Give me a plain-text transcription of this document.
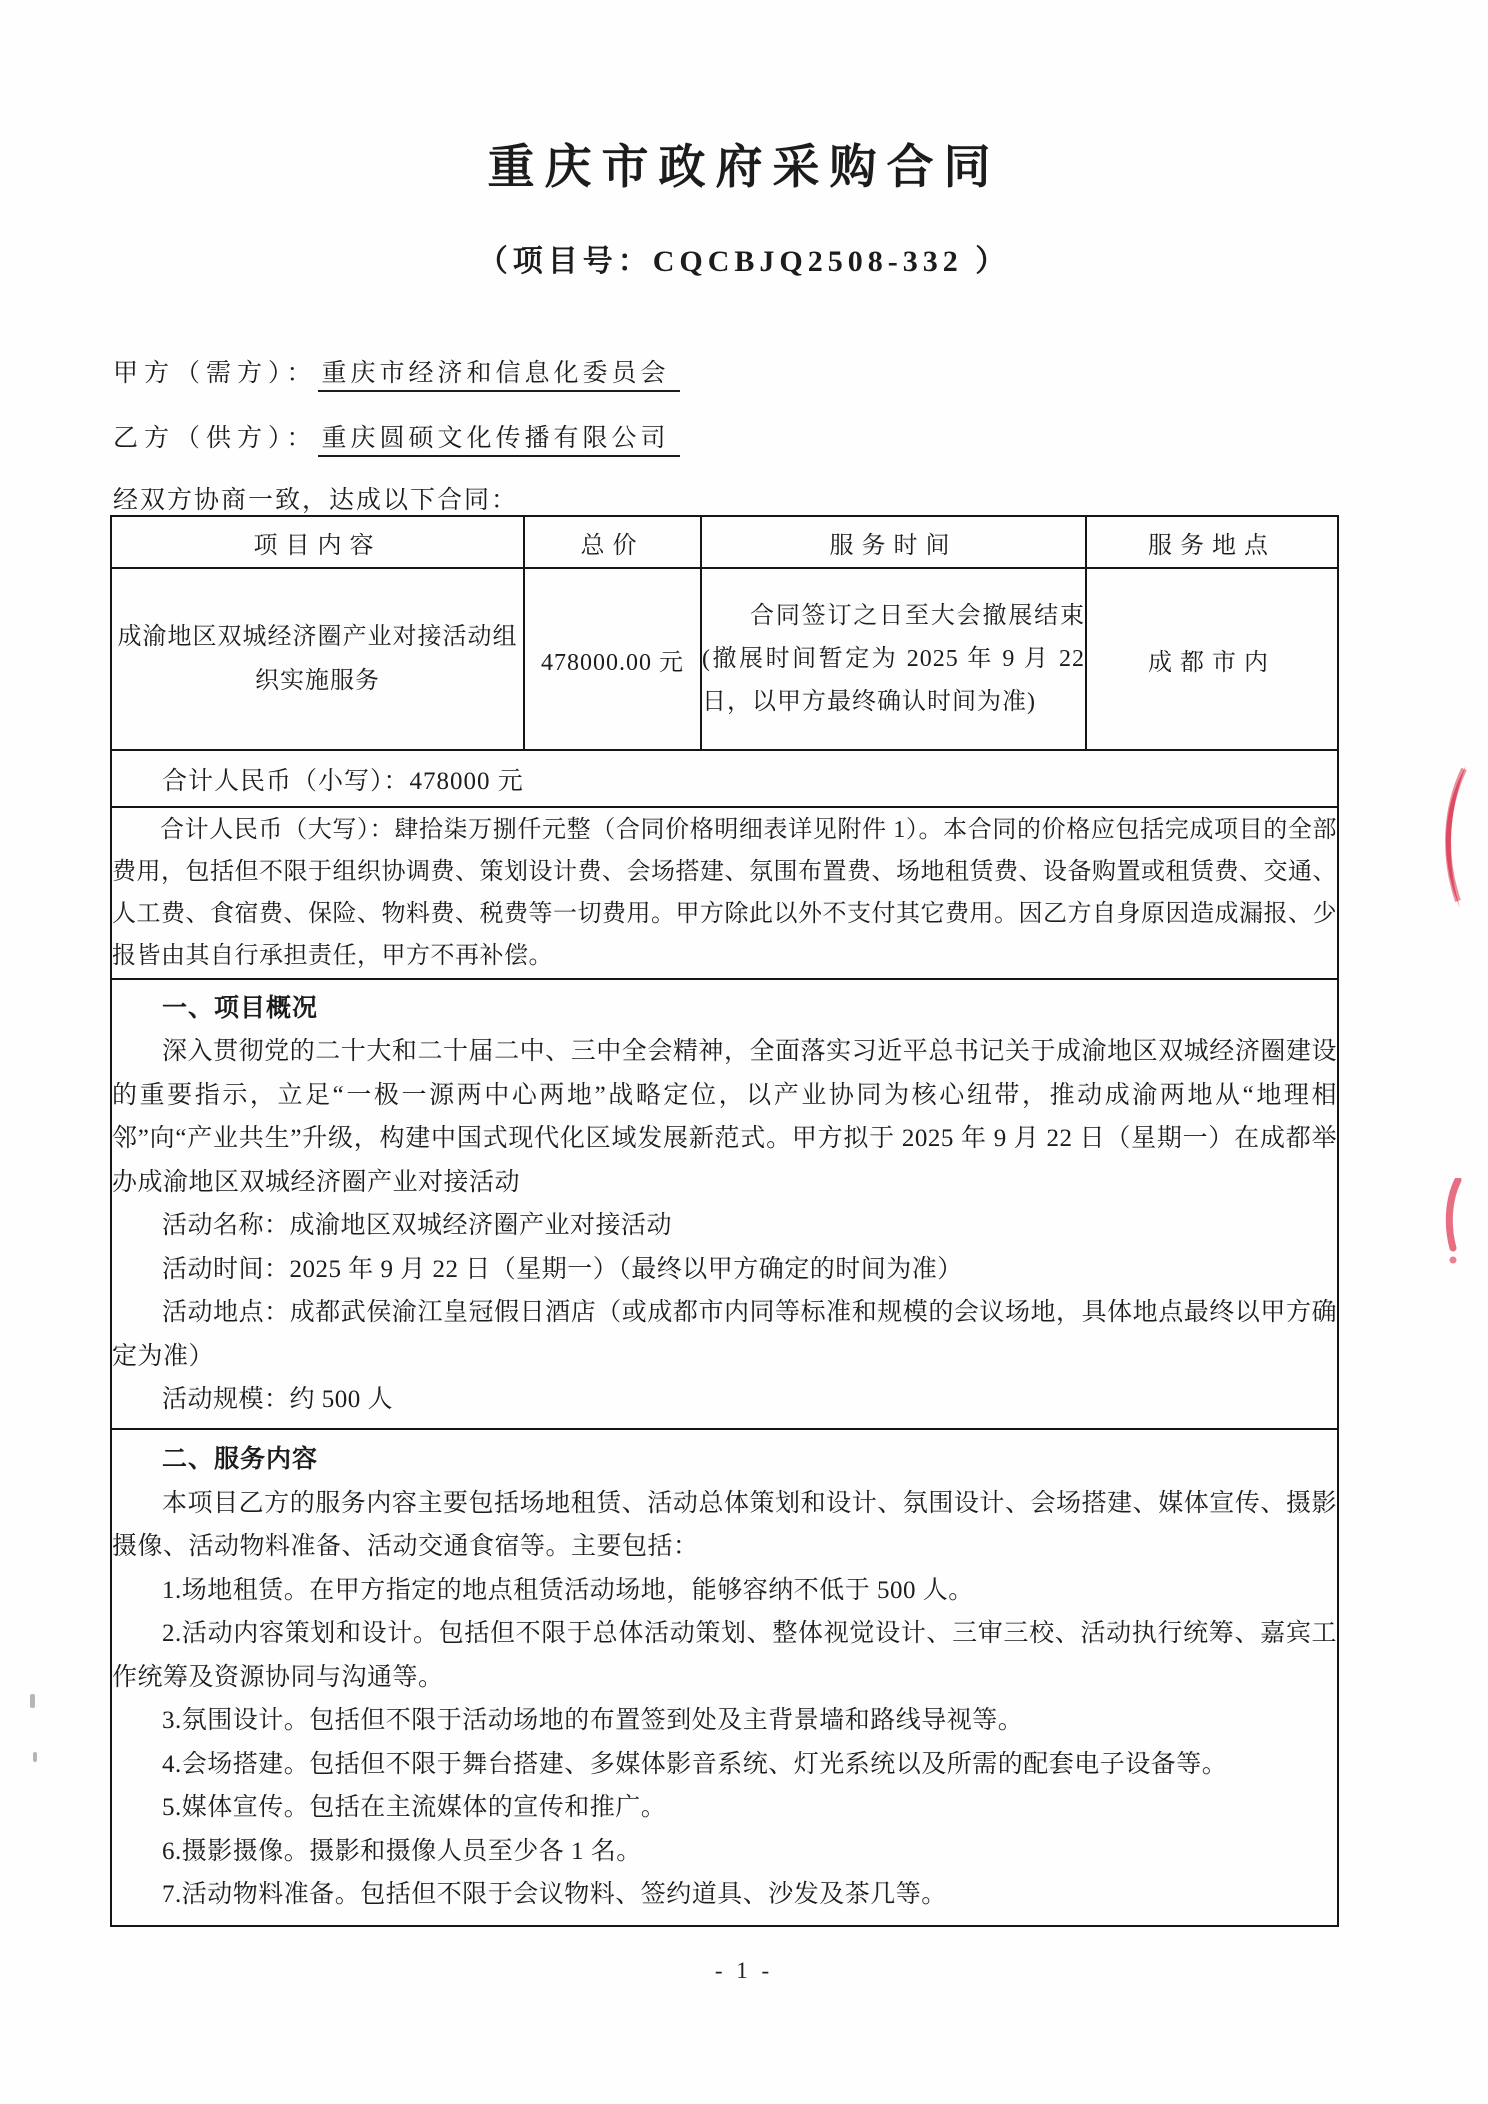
重庆市政府采购合同
（项目号：CQCBJQ2508-332 ）

甲方（需方）： 重庆市经济和信息化委员会

乙方（供方）： 重庆圆硕文化传播有限公司

经双方协商一致，达成以下合同：

项目内容	总价	服务时间	服务地点
成渝地区双城经济圈产业对接活动组织实施服务	478000.00 元	合同签订之日至大会撤展结束(撤展时间暂定为 2025 年 9 月 22 日，以甲方最终确认时间为准)	成都市内

合计人民币（小写）：478000 元			

合计人民币（大写）：肆拾柒万捌仟元整（合同价格明细表详见附件 1）。本合同的价格应包括完成项目的全部费用，包括但不限于组织协调费、策划设计费、会场搭建、氛围布置费、场地租赁费、设备购置或租赁费、交通、人工费、食宿费、保险、物料费、税费等一切费用。甲方除此以外不支付其它费用。因乙方自身原因造成漏报、少报皆由其自行承担责任，甲方不再补偿。			

一、项目概况

深入贯彻党的二十大和二十届二中、三中全会精神，全面落实习近平总书记关于成渝地区双城经济圈建设的重要指示，立足“一极一源两中心两地”战略定位，以产业协同为核心纽带，推动成渝两地从“地理相邻”向“产业共生”升级，构建中国式现代化区域发展新范式。甲方拟于 2025 年 9 月 22 日（星期一）在成都举办成渝地区双城经济圈产业对接活动

活动名称：成渝地区双城经济圈产业对接活动

活动时间：2025 年 9 月 22 日（星期一）（最终以甲方确定的时间为准）

活动地点：成都武侯渝江皇冠假日酒店（或成都市内同等标准和规模的会议场地，具体地点最终以甲方确定为准）

活动规模：约 500 人

二、服务内容

本项目乙方的服务内容主要包括场地租赁、活动总体策划和设计、氛围设计、会场搭建、媒体宣传、摄影摄像、活动物料准备、活动交通食宿等。主要包括：

1.场地租赁。在甲方指定的地点租赁活动场地，能够容纳不低于 500 人。

2.活动内容策划和设计。包括但不限于总体活动策划、整体视觉设计、三审三校、活动执行统筹、嘉宾工作统筹及资源协同与沟通等。

3.氛围设计。包括但不限于活动场地的布置签到处及主背景墙和路线导视等。

4.会场搭建。包括但不限于舞台搭建、多媒体影音系统、灯光系统以及所需的配套电子设备等。

5.媒体宣传。包括在主流媒体的宣传和推广。

6.摄影摄像。摄影和摄像人员至少各 1 名。

7.活动物料准备。包括但不限于会议物料、签约道具、沙发及茶几等。

- 1 -
